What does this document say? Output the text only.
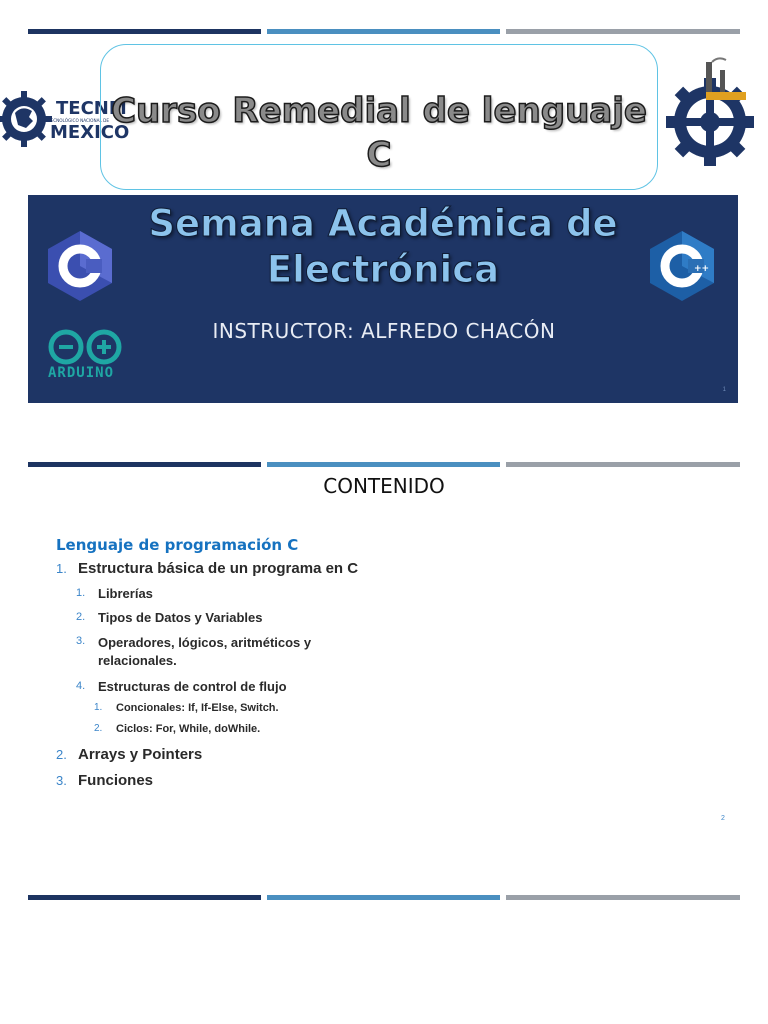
TECNM
TECNOLÓGICO NACIONAL DE
MEXICO
Curso Remedial de lenguaje
C
Semana Académica de
Electrónica
ARDUINO
++
INSTRUCTOR: ALFREDO CHACÓN
1
CONTENIDO
Lenguaje de programación C
1. Estructura básica de un programa en C
1. Librerías
2. Tipos de Datos y Variables
3. Operadores, lógicos, aritméticos y relacionales.
4. Estructuras de control de flujo
1.	Concionales: If, If-Else, Switch.
2.	Ciclos: For, While, doWhile.
2. Arrays y Pointers
3. Funciones
2
